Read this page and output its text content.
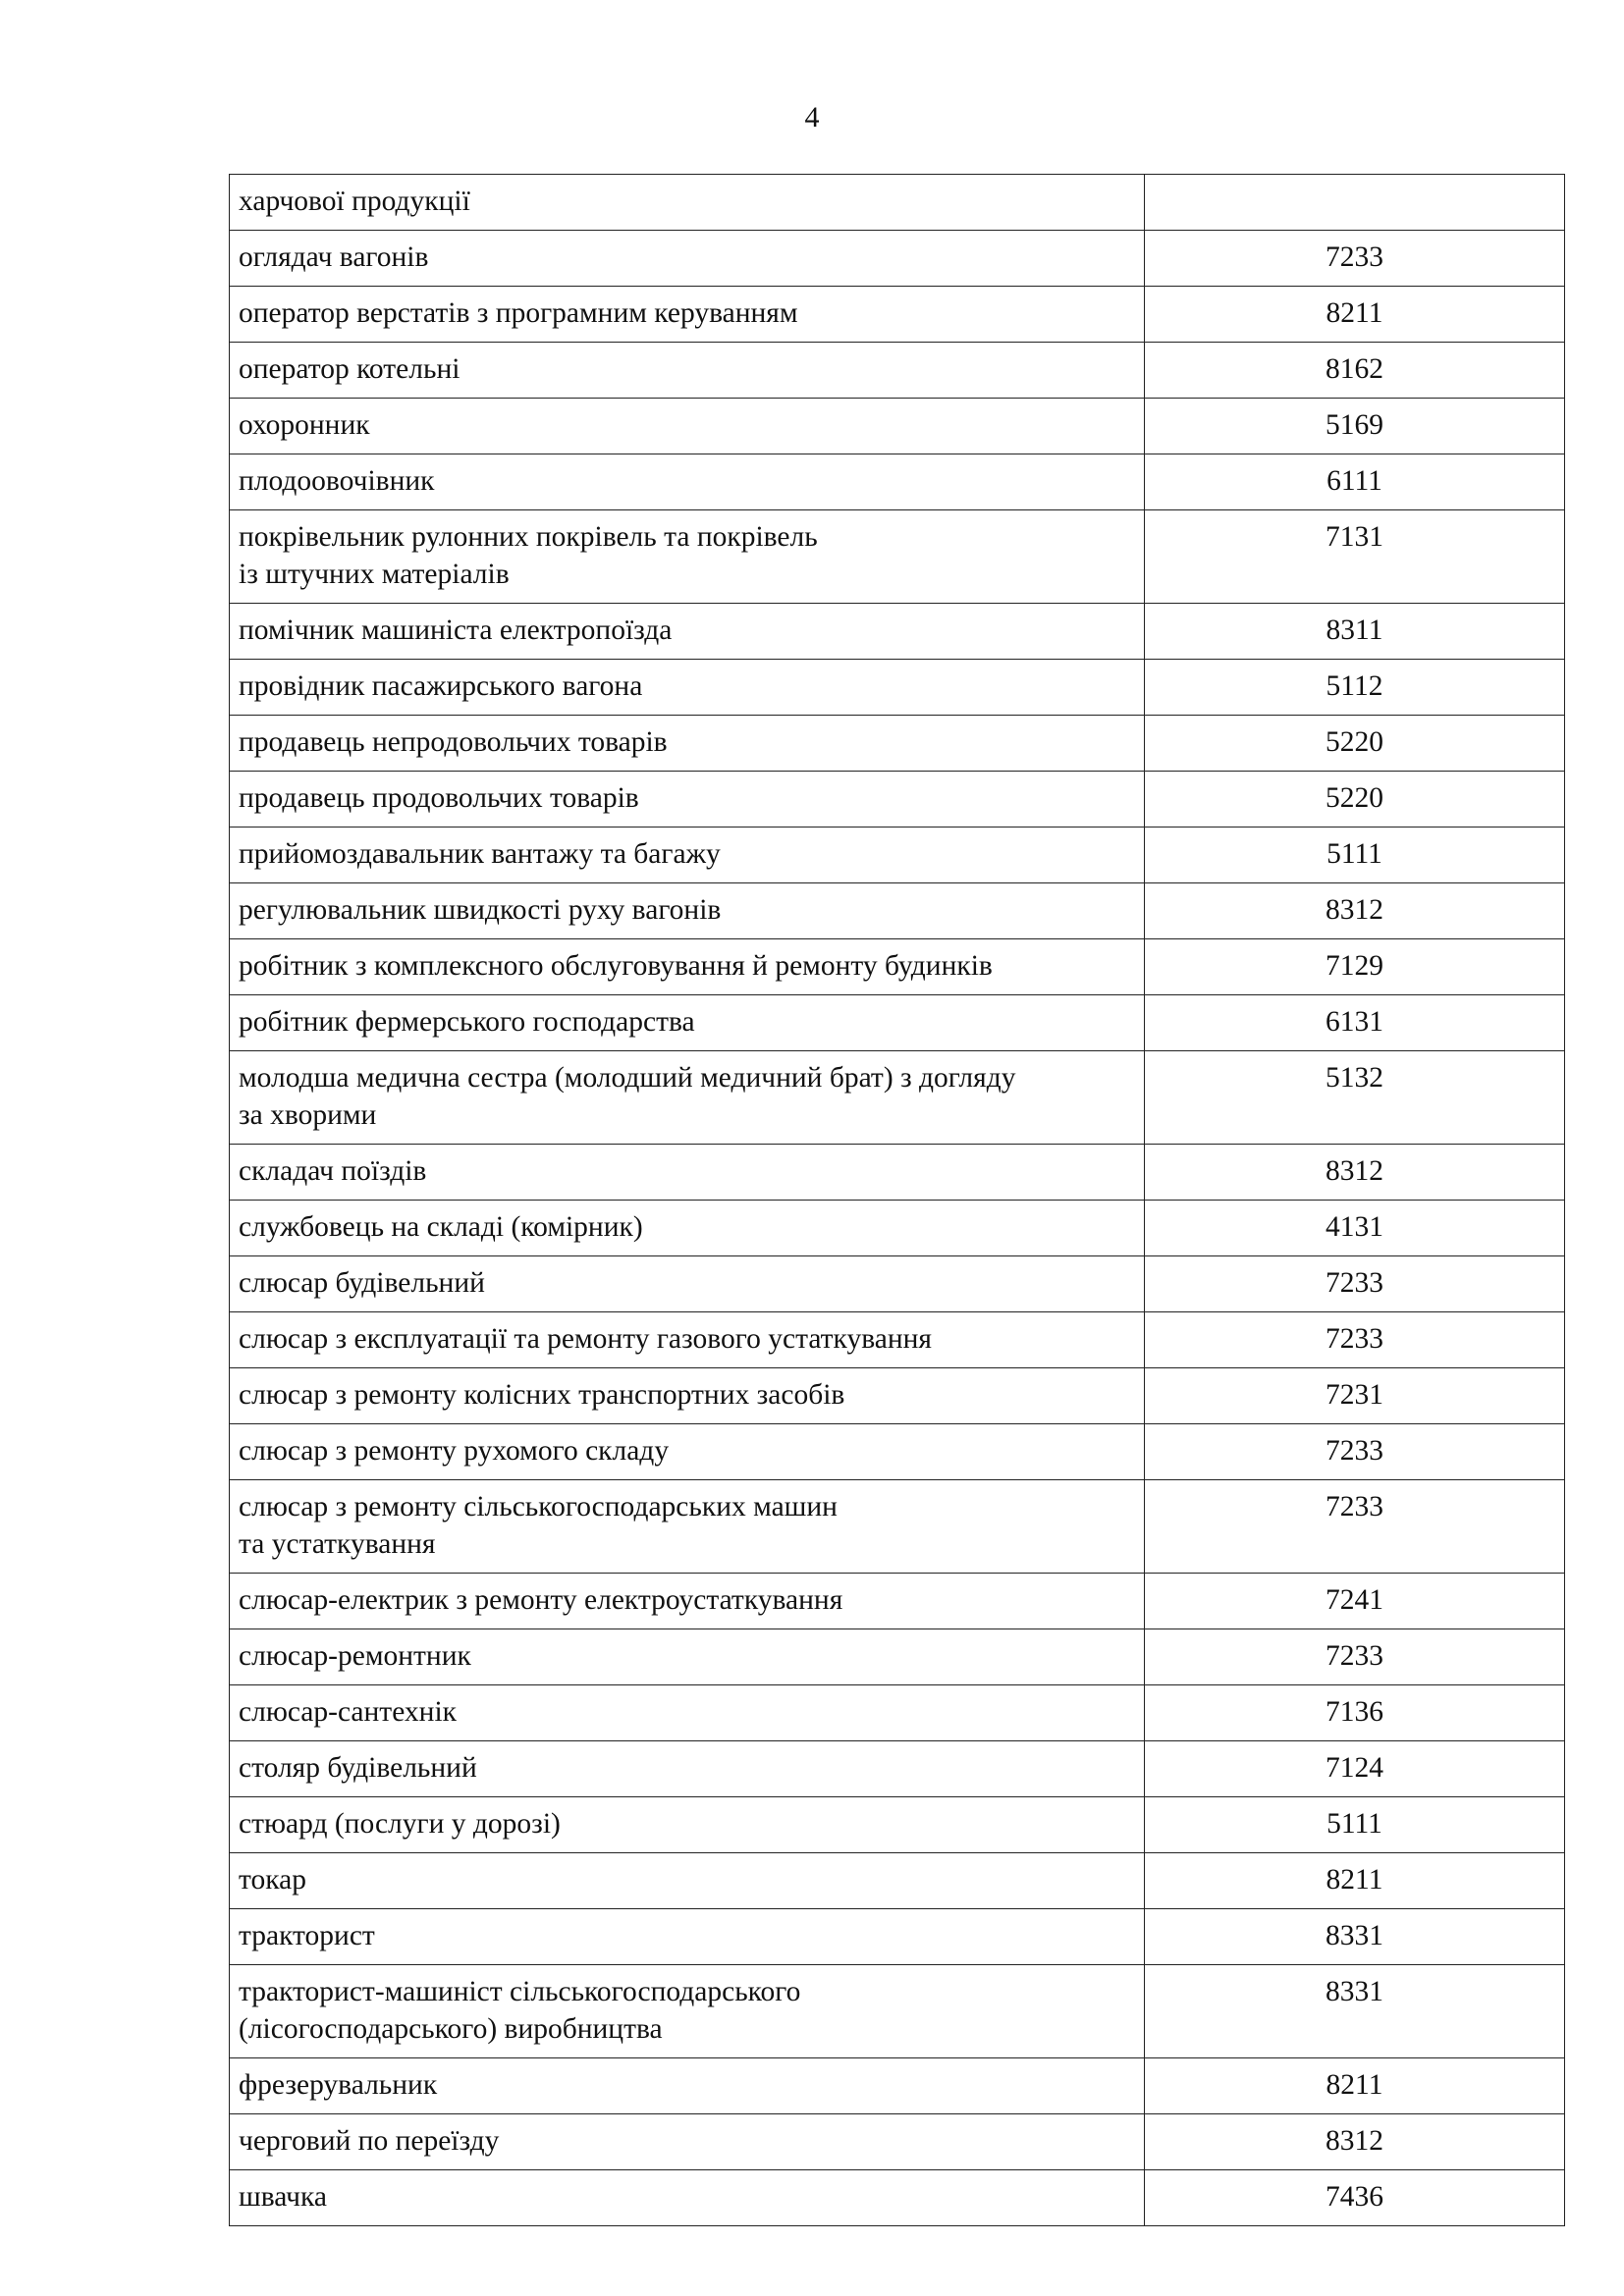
4
харчової продукції	

оглядач вагонів	7233

оператор верстатів з програмним керуванням	8211

оператор котельні	8162

охоронник	5169

плодоовочівник	6111

покрівельник рулонних покрівель та покрівель
із штучних матеріалів	7131

помічник машиніста електропоїзда	8311

провідник пасажирського вагона	5112

продавець непродовольчих товарів	5220

продавець продовольчих товарів	5220

прийомоздавальник вантажу та багажу	5111

регулювальник швидкості руху вагонів	8312

робітник з комплексного обслуговування й ремонту будинків	7129

робітник фермерського господарства	6131

молодша медична сестра (молодший медичний брат) з догляду
за хворими	5132

складач поїздів	8312

службовець на складі (комірник)	4131

слюсар будівельний	7233

слюсар з експлуатації та ремонту газового устаткування	7233

слюсар з ремонту колісних транспортних засобів	7231

слюсар з ремонту рухомого складу	7233

слюсар з ремонту сільськогосподарських машин
та устаткування	7233

слюсар-електрик з ремонту електроустаткування	7241

слюсар-ремонтник	7233

слюсар-сантехнік	7136

столяр будівельний	7124

стюард (послуги у дорозі)	5111

токар	8211

тракторист	8331

тракторист-машиніст сільськогосподарського
(лісогосподарського) виробництва	8331

фрезерувальник	8211

черговий по переїзду	8312

швачка	7436
